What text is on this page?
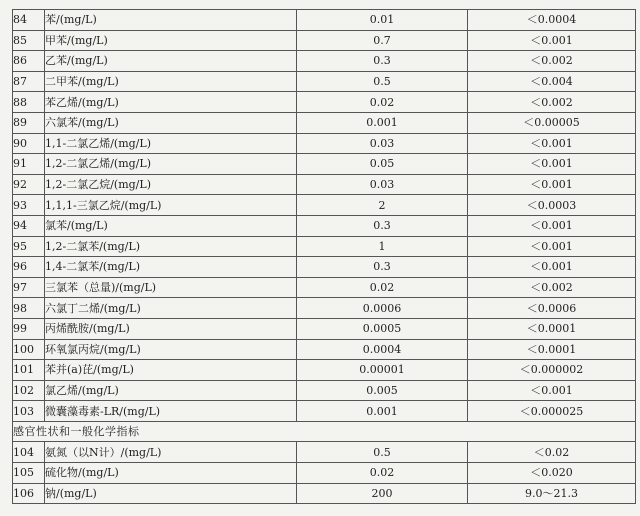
84	苯/(mg/L)	0.01	＜0.0004
85	甲苯/(mg/L)	0.7	＜0.001
86	乙苯/(mg/L)	0.3	＜0.002
87	二甲苯/(mg/L)	0.5	＜0.004
88	苯乙烯/(mg/L)	0.02	＜0.002
89	六氯苯/(mg/L)	0.001	＜0.00005
90	1,1-二氯乙烯/(mg/L)	0.03	＜0.001
91	1,2-二氯乙烯/(mg/L)	0.05	＜0.001
92	1,2-二氯乙烷/(mg/L)	0.03	＜0.001
93	1,1,1-三氯乙烷/(mg/L)	2	＜0.0003
94	氯苯/(mg/L)	0.3	＜0.001
95	1,2-二氯苯/(mg/L)	1	＜0.001
96	1,4-二氯苯/(mg/L)	0.3	＜0.001
97	三氯苯（总量)/(mg/L)	0.02	＜0.002
98	六氯丁二烯/(mg/L)	0.0006	＜0.0006
99	丙烯酰胺/(mg/L)	0.0005	＜0.0001
100	环氧氯丙烷/(mg/L)	0.0004	＜0.0001
101	苯并(a)芘/(mg/L)	0.00001	＜0.000002
102	氯乙烯/(mg/L)	0.005	＜0.001
103	微囊藻毒素-LR/(mg/L)	0.001	＜0.000025
感官性状和一般化学指标			
104	氨氮（以N计）/(mg/L)	0.5	＜0.02
105	硫化物/(mg/L)	0.02	＜0.020
106	钠/(mg/L)	200	9.0～21.3
